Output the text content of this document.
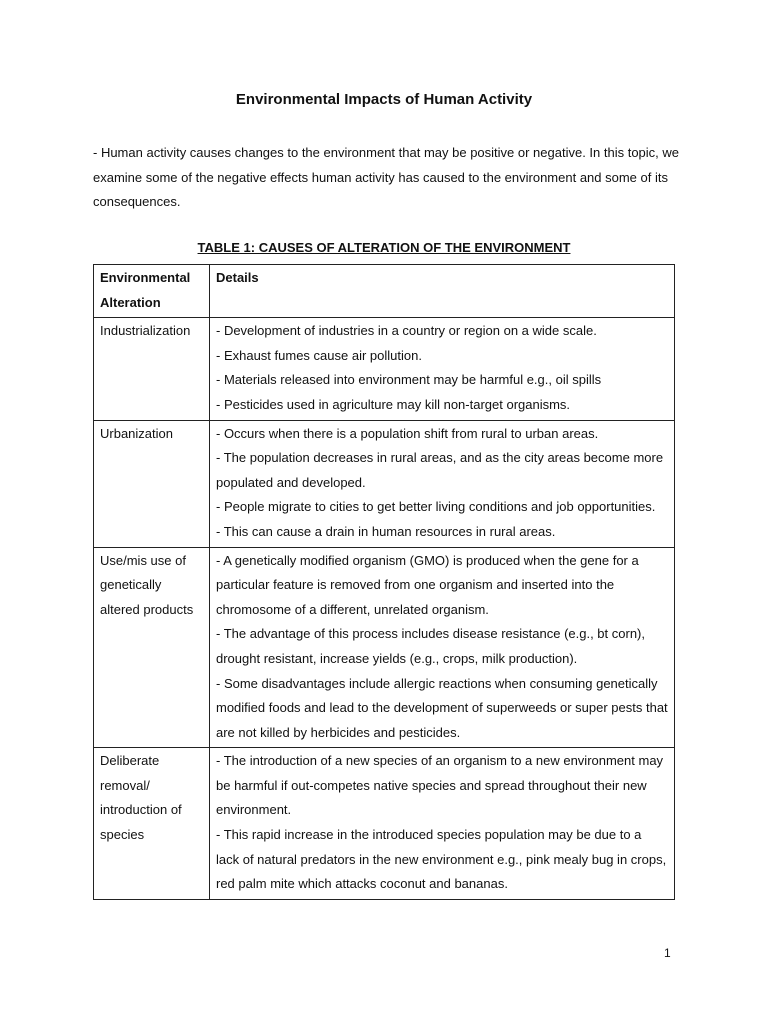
Environmental Impacts of Human Activity
- Human activity causes changes to the environment that may be positive or negative. In this topic, we examine some of the negative effects human activity has caused to the environment and some of its consequences.
TABLE 1: CAUSES OF ALTERATION OF THE ENVIRONMENT
Environmental Alteration	Details
Industrialization	- Development of industries in a country or region on a wide scale.
- Exhaust fumes cause air pollution.
- Materials released into environment may be harmful e.g., oil spills
- Pesticides used in agriculture may kill non-target organisms.

Urbanization	- Occurs when there is a population shift from rural to urban areas.
- The population decreases in rural areas, and as the city areas become more populated and developed.
- People migrate to cities to get better living conditions and job opportunities.
- This can cause a drain in human resources in rural areas.

Use/mis use of genetically altered products	- A genetically modified organism (GMO) is produced when the gene for a particular feature is removed from one organism and inserted into the chromosome of a different, unrelated organism.
- The advantage of this process includes disease resistance (e.g., bt corn), drought resistant, increase yields (e.g., crops, milk production).
- Some disadvantages include allergic reactions when consuming genetically modified foods and lead to the development of superweeds or super pests that are not killed by herbicides and pesticides.

Deliberate removal/ introduction of species	- The introduction of a new species of an organism to a new environment may be harmful if out-competes native species and spread throughout their new environment.
- This rapid increase in the introduced species population may be due to a lack of natural predators in the new environment e.g., pink mealy bug in crops, red palm mite which attacks coconut and bananas.
1
